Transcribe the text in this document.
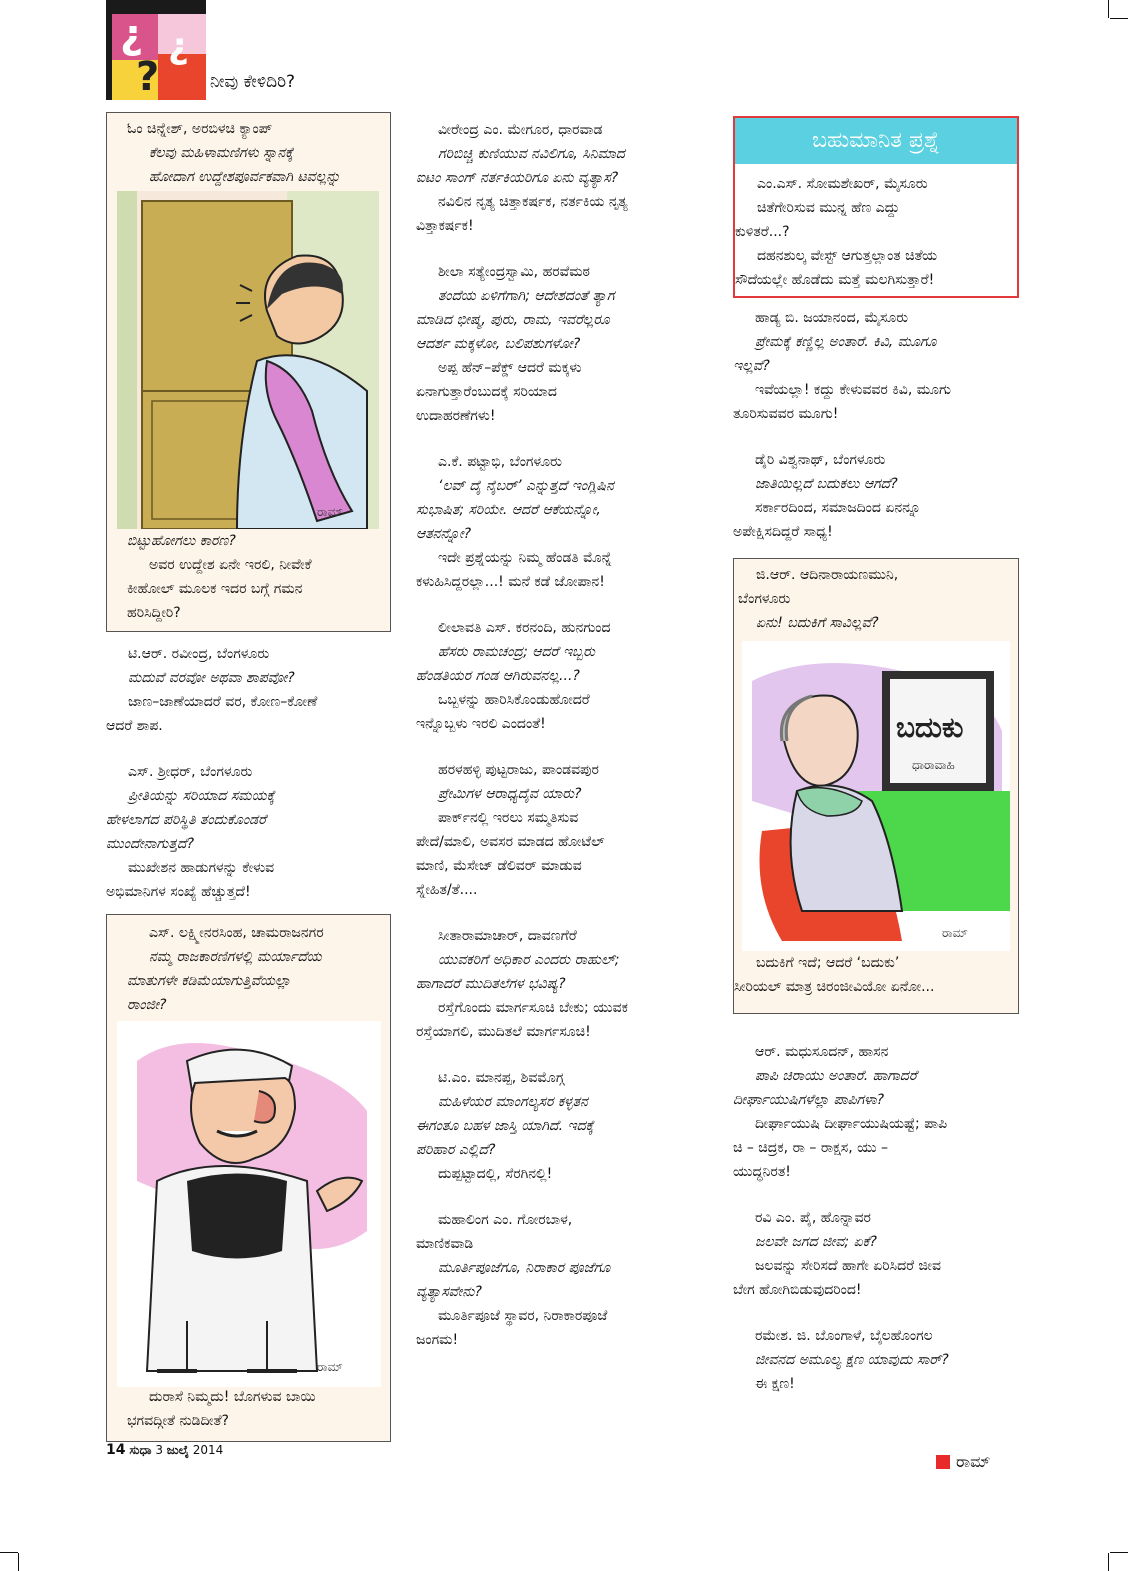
¿
?
¿
ನೀವು ಕೇಳಿದಿರಿ?

ಓಂ ಚಿನ್ನೇಶ್, ಅರಬಿಳಚಿ ಕ್ಯಾಂಪ್

ಕೆಲವು ಮಹಿಳಾಮಣಿಗಳು ಸ್ನಾನಕ್ಕೆ

ಹೋದಾಗ ಉದ್ದೇಶಪೂರ್ವಕವಾಗಿ ಟವಲ್ಲನ್ನು

ರಾಮ್

ಬಿಟ್ಟುಹೋಗಲು ಕಾರಣ?

ಅವರ ಉದ್ದೇಶ ಏನೇ ಇರಲಿ, ನೀವೇಕೆ

ಕೀಹೋಲ್ ಮೂಲಕ ಇದರ ಬಗ್ಗೆ ಗಮನ

ಹರಿಸಿದ್ದೀರಿ?

ಟಿ.ಆರ್. ರವೀಂದ್ರ, ಬೆಂಗಳೂರು

ಮದುವೆ ವರವೋ ಅಥವಾ ಶಾಪವೋ?

ಜಾಣ–ಜಾಣೆಯಾದರೆ ವರ, ಕೋಣ–ಕೋಣೆ

ಆದರೆ ಶಾಪ.

ಎಸ್. ಶ್ರೀಧರ್, ಬೆಂಗಳೂರು

ಪ್ರೀತಿಯನ್ನು ಸರಿಯಾದ ಸಮಯಕ್ಕೆ

ಹೇಳಲಾಗದ ಪರಿಸ್ಥಿತಿ ತಂದುಕೊಂಡರೆ

ಮುಂದೇನಾಗುತ್ತದೆ?

ಮುಖೇಶನ ಹಾಡುಗಳನ್ನು ಕೇಳುವ

ಅಭಿಮಾನಿಗಳ ಸಂಖ್ಯೆ ಹೆಚ್ಚುತ್ತದೆ!

ಎಸ್. ಲಕ್ಷ್ಮೀನರಸಿಂಹ, ಚಾಮರಾಜನಗರ

ನಮ್ಮ ರಾಜಕಾರಣಿಗಳಲ್ಲಿ ಮರ್ಯಾದೆಯ

ಮಾತುಗಳೇ ಕಡಿಮೆಯಾಗುತ್ತಿವೆಯಲ್ಲಾ

ರಾಂಜೀ?

ರಾಮ್

ದುರಾಸೆ ನಿಮ್ಮದು! ಬೊಗಳುವ ಬಾಯಿ

ಭಗವದ್ಗೀತೆ ನುಡಿದೀತೆ?

ವೀರೇಂದ್ರ ಎಂ. ಮೇಗೂರ, ಧಾರವಾಡ

ಗರಿಬಿಚ್ಚಿ ಕುಣಿಯುವ ನವಿಲಿಗೂ, ಸಿನಿಮಾದ

ಐಟಂ ಸಾಂಗ್ ನರ್ತಕಿಯರಿಗೂ ಏನು ವ್ಯತ್ಯಾಸ?

ನವಿಲಿನ ನೃತ್ಯ ಚಿತ್ತಾಕರ್ಷಕ, ನರ್ತಕಿಯ ನೃತ್ಯ

ವಿತ್ತಾಕರ್ಷಕ!

ಶೀಲಾ ಸತ್ಯೇಂದ್ರಸ್ವಾಮಿ, ಹರವೆಮಠ

ತಂದೆಯ ಏಳಿಗೆಗಾಗಿ; ಆದೇಶದಂತೆ ತ್ಯಾಗ

ಮಾಡಿದ ಭೀಷ್ಮ, ಪುರು, ರಾಮ, ಇವರೆಲ್ಲರೂ

ಆದರ್ಶ ಮಕ್ಕಳೋ, ಬಲಿಪಶುಗಳೋ?

ಅಪ್ಪ ಹೆನ್–ಪೆಕ್ಡ್ ಆದರೆ ಮಕ್ಕಳು

ಏನಾಗುತ್ತಾರೆಂಬುದಕ್ಕೆ ಸರಿಯಾದ

ಉದಾಹರಣೆಗಳು!

ಎ.ಕೆ. ಪಟ್ಟಾಭಿ, ಬೆಂಗಳೂರು

‘ಲವ್ ದೈ ನೈಬರ್’ ಎನ್ನುತ್ತದೆ ಇಂಗ್ಲಿಷಿನ

ಸುಭಾಷಿತ; ಸರಿಯೇ. ಆದರೆ ಆಕೆಯನ್ನೋ,

ಆತನನ್ನೋ?

ಇದೇ ಪ್ರಶ್ನೆಯನ್ನು ನಿಮ್ಮ ಹೆಂಡತಿ ಮೊನ್ನೆ

ಕಳುಹಿಸಿದ್ದರಲ್ಲಾ...! ಮನೆ ಕಡೆ ಜೋಪಾನ!

ಲೀಲಾವತಿ ಎಸ್. ಕರನಂದಿ, ಹುನಗುಂದ

ಹೆಸರು ರಾಮಚಂದ್ರ; ಆದರೆ ಇಬ್ಬರು

ಹೆಂಡತಿಯರ ಗಂಡ ಆಗಿರುವನಲ್ಲ...?

ಒಬ್ಬಳನ್ನು ಹಾರಿಸಿಕೊಂಡುಹೋದರೆ

ಇನ್ನೊಬ್ಬಳು ಇರಲಿ ಎಂದಂತೆ!

ಹರಳಹಳ್ಳಿ ಪುಟ್ಟರಾಜು, ಪಾಂಡವಪುರ

ಪ್ರೇಮಿಗಳ ಆರಾಧ್ಯದೈವ ಯಾರು?

ಪಾರ್ಕ್‌ನಲ್ಲಿ ಇರಲು ಸಮ್ಮತಿಸುವ

ಪೇದೆ/ಮಾಲಿ, ಅವಸರ ಮಾಡದ ಹೋಟೆಲ್

ಮಾಣಿ, ಮೆಸೇಜ್ ಡೆಲಿವರ್ ಮಾಡುವ

ಸ್ನೇಹಿತ/ತೆ....

ಸೀತಾರಾಮಾಚಾರ್, ದಾವಣಗೆರೆ

ಯುವಕರಿಗೆ ಅಧಿಕಾರ ಎಂದರು ರಾಹುಲ್;

ಹಾಗಾದರೆ ಮುದಿತಲೆಗಳ ಭವಿಷ್ಯ?

ರಸ್ತೆಗೊಂದು ಮಾರ್ಗಸೂಚಿ ಬೇಕು; ಯುವಕ

ರಸ್ತೆಯಾಗಲಿ, ಮುದಿತಲೆ ಮಾರ್ಗಸೂಚಿ!

ಟಿ.ಎಂ. ಮಾನಪ್ಪ, ಶಿವಮೊಗ್ಗ

ಮಹಿಳೆಯರ ಮಾಂಗಲ್ಯಸರ ಕಳ್ಳತನ

ಈಗಂತೂ ಬಹಳ ಜಾಸ್ತಿ ಯಾಗಿದೆ. ಇದಕ್ಕೆ

ಪರಿಹಾರ ಎಲ್ಲಿದೆ?

ದುಪ್ಪಟ್ಟಾದಲ್ಲಿ, ಸೆರಗಿನಲ್ಲಿ!

ಮಹಾಲಿಂಗ ಎಂ. ಗೋರಬಾಳ,

ಮಾಣಿಕವಾಡಿ

ಮೂರ್ತಿಪೂಜೆಗೂ, ನಿರಾಕಾರ ಪೂಜೆಗೂ

ವ್ಯತ್ಯಾಸವೇನು?

ಮೂರ್ತಿಪೂಜೆ ಸ್ಥಾವರ, ನಿರಾಕಾರಪೂಜೆ

ಜಂಗಮ!

ಬಹುಮಾನಿತ ಪ್ರಶ್ನೆ

ಎಂ.ಎಸ್. ಸೋಮಶೇಖರ್, ಮೈಸೂರು

ಚಿತೆಗೇರಿಸುವ ಮುನ್ನ ಹೆಣ ಎದ್ದು

ಕುಳಿತರೆ...?

ದಹನಶುಲ್ಕ ವೇಸ್ಟ್ ಆಗುತ್ತಲ್ಲಾಂತ ಚಿತೆಯ

ಸೌದೆಯಲ್ಲೇ ಹೊಡೆದು ಮತ್ತೆ ಮಲಗಿಸುತ್ತಾರೆ!

ಹಾಡ್ಯ ಬಿ. ಜಯಾನಂದ, ಮೈಸೂರು

ಪ್ರೇಮಕ್ಕೆ ಕಣ್ಣಿಲ್ಲ ಅಂತಾರೆ. ಕಿವಿ, ಮೂಗೂ

ಇಲ್ಲವೆ?

ಇವೆಯಲ್ಲಾ! ಕದ್ದು ಕೇಳುವವರ ಕಿವಿ, ಮೂಗು

ತೂರಿಸುವವರ ಮೂಗು!

ಡೈರಿ ವಿಶ್ವನಾಥ್, ಬೆಂಗಳೂರು

ಜಾತಿಯಿಲ್ಲದೆ ಬದುಕಲು ಆಗದೆ?

ಸರ್ಕಾರದಿಂದ, ಸಮಾಜದಿಂದ ಏನನ್ನೂ

ಅಪೇಕ್ಷಿಸದಿದ್ದರೆ ಸಾಧ್ಯ!

ಜಿ.ಆರ್. ಆದಿನಾರಾಯಣಮುನಿ,

ಬೆಂಗಳೂರು

ಏನು! ಬದುಕಿಗೆ ಸಾವಿಲ್ಲವೆ?

ಬದುಕು
ಧಾರಾವಾಹಿ
ರಾಮ್

ಬದುಕಿಗೆ ಇದೆ; ಆದರೆ ‘ಬದುಕು’

ಸೀರಿಯಲ್ ಮಾತ್ರ ಚಿರಂಜೀವಿಯೋ ಏನೋ...

ಆರ್. ಮಧುಸೂದನ್, ಹಾಸನ

ಪಾಪಿ ಚಿರಾಯು ಅಂತಾರೆ. ಹಾಗಾದರೆ

ದೀರ್ಘಾಯುಷಿಗಳೆಲ್ಲಾ ಪಾಪಿಗಳಾ?

ದೀರ್ಘಾಯುಷಿ ದೀರ್ಘಾಯುಷಿಯಷ್ಟೆ; ಪಾಪಿ

ಚಿ – ಚಿದ್ರಕ, ರಾ – ರಾಕ್ಷಸ, ಯು –

ಯುದ್ಧನಿರತ!

ರವಿ ಎಂ. ಪೈ, ಹೊನ್ನಾವರ

ಜಲವೇ ಜಗದ ಜೀವ; ಏಕೆ?

ಜಲವನ್ನು ಸೇರಿಸದೆ ಹಾಗೇ ಏರಿಸಿದರೆ ಜೀವ

ಬೇಗ ಹೋಗಿಬಿಡುವುದರಿಂದ!

ರಮೇಶ. ಜಿ. ಬೊಂಗಾಳೆ, ಬೈಲಹೊಂಗಲ

ಜೀವನದ ಅಮೂಲ್ಯ ಕ್ಷಣ ಯಾವುದು ಸಾರ್?

ಈ ಕ್ಷಣ!

14 ಸುಧಾ 3 ಜುಲೈ 2014
ರಾಮ್
